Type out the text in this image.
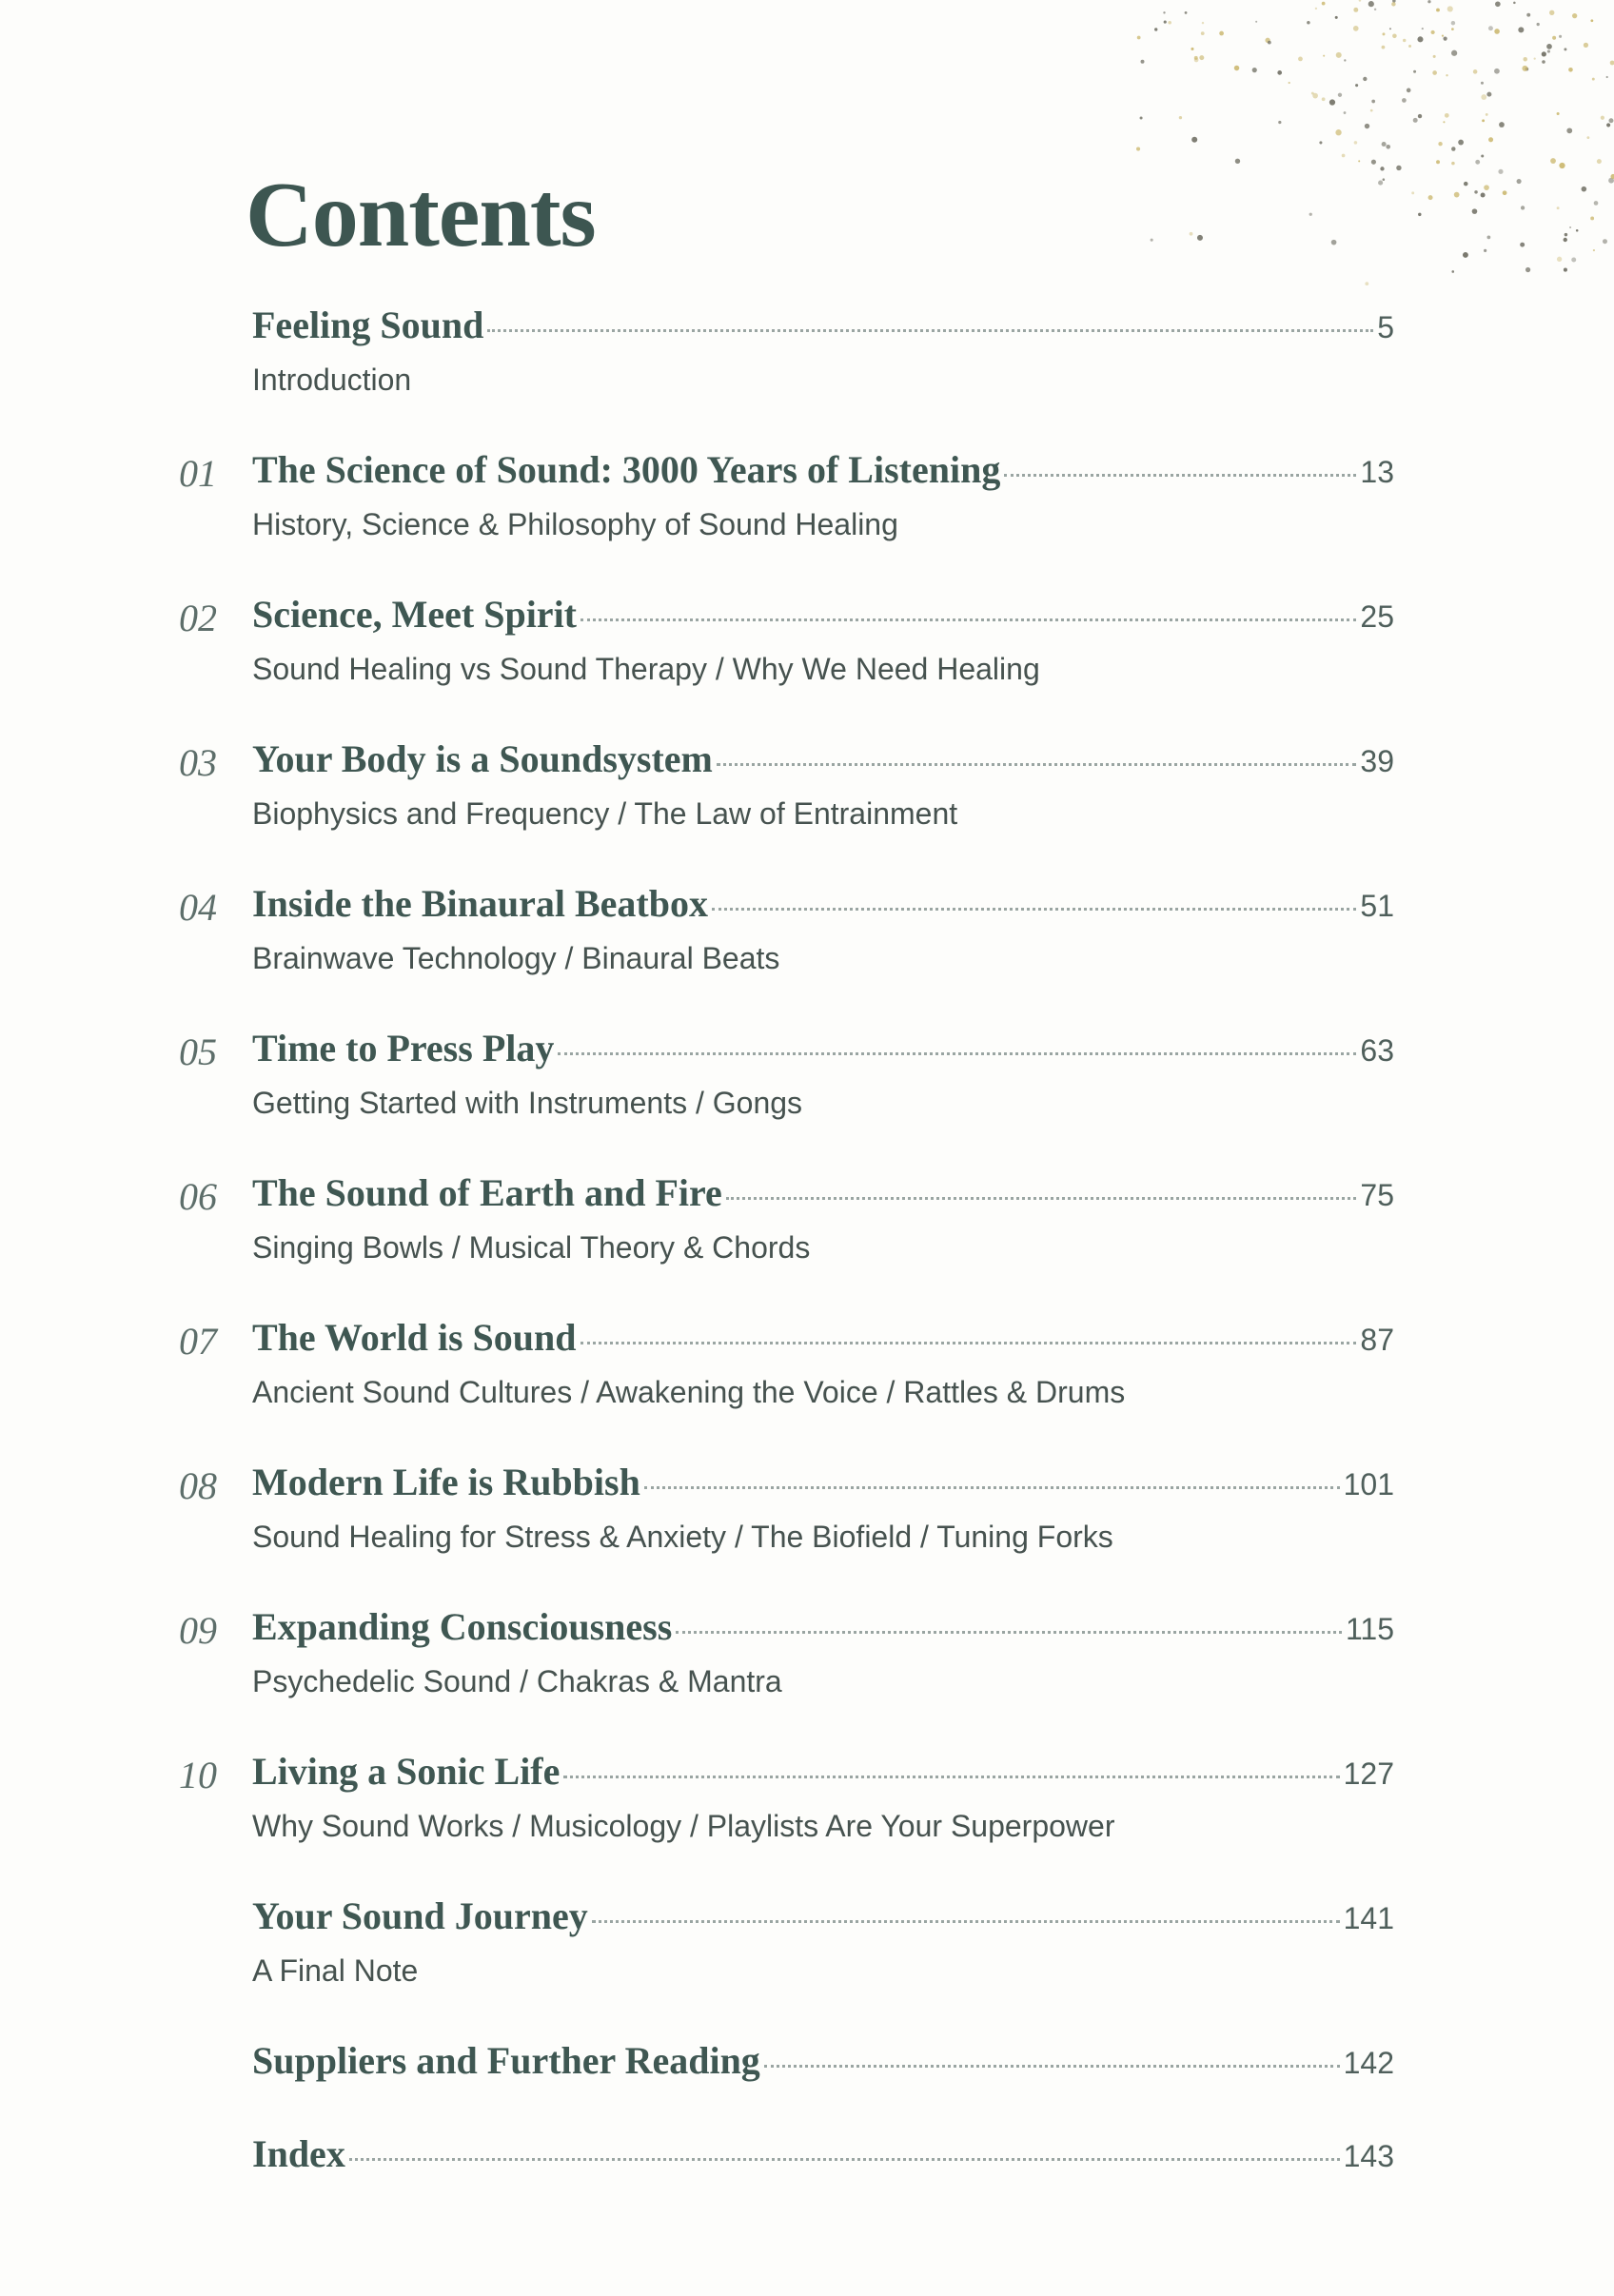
Contents
Feeling Sound	5
Introduction
01 The Science of Sound: 3000 Years of Listening	13
History, Science & Philosophy of Sound Healing
02 Science, Meet Spirit	25
Sound Healing vs Sound Therapy / Why We Need Healing
03 Your Body is a Soundsystem	39
Biophysics and Frequency / The Law of Entrainment
04 Inside the Binaural Beatbox	51
Brainwave Technology / Binaural Beats
05 Time to Press Play	63
Getting Started with Instruments / Gongs
06 The Sound of Earth and Fire	75
Singing Bowls / Musical Theory & Chords
07 The World is Sound	87
Ancient Sound Cultures / Awakening the Voice / Rattles & Drums
08 Modern Life is Rubbish	101
Sound Healing for Stress & Anxiety / The Biofield / Tuning Forks
09 Expanding Consciousness	115
Psychedelic Sound / Chakras & Mantra
10 Living a Sonic Life	127
Why Sound Works / Musicology / Playlists Are Your Superpower
Your Sound Journey	141
A Final Note
Suppliers and Further Reading	142
Index	143
